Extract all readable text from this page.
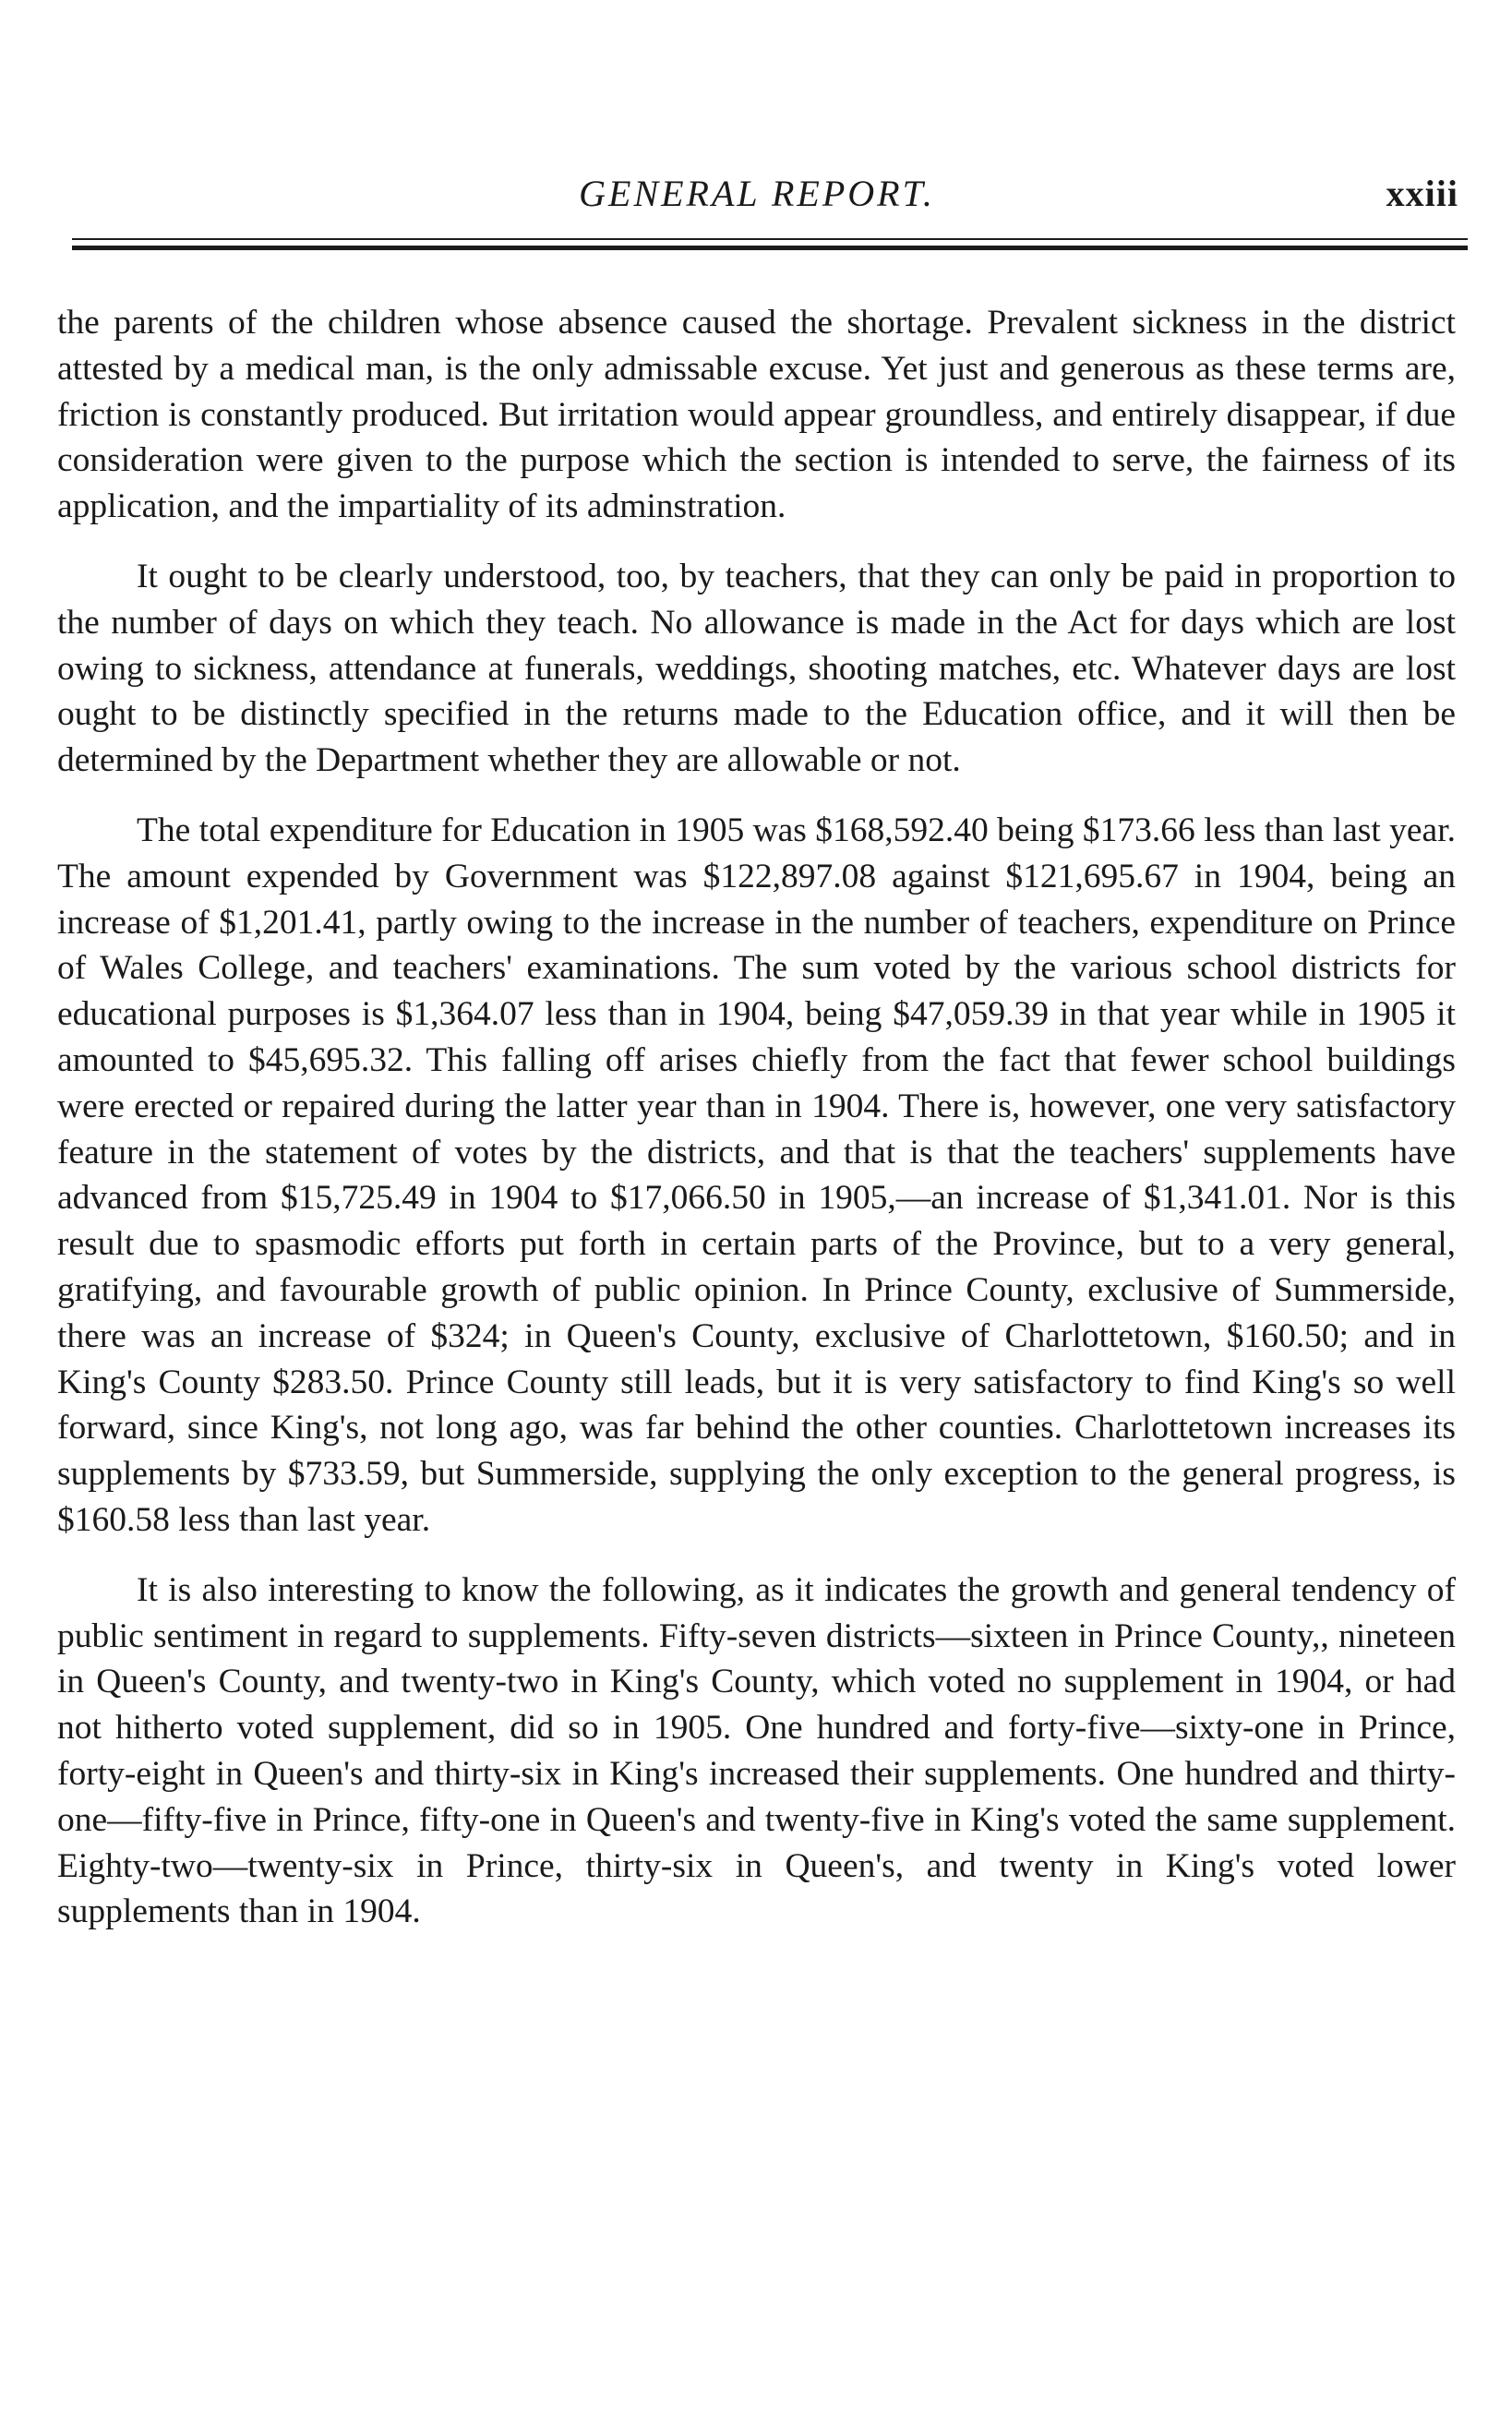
GENERAL REPORT.	xxiii

the parents of the children whose absence caused the shortage. Prevalent sickness in the district attested by a medical man, is the only admissable excuse. Yet just and generous as these terms are, friction is constantly produced. But irritation would appear groundless, and entirely disappear, if due consideration were given to the purpose which the section is intended to serve, the fairness of its application, and the impartiality of its adminstration.

It ought to be clearly understood, too, by teachers, that they can only be paid in proportion to the number of days on which they teach. No allowance is made in the Act for days which are lost owing to sickness, attendance at funerals, weddings, shooting matches, etc. Whatever days are lost ought to be distinctly specified in the returns made to the Education office, and it will then be determined by the Department whether they are allowable or not.

The total expenditure for Education in 1905 was $168,592.40 being $173.66 less than last year. The amount expended by Government was $122,897.08 against $121,695.67 in 1904, being an increase of $1,201.41, partly owing to the increase in the number of teachers, expenditure on Prince of Wales College, and teachers' examinations. The sum voted by the various school districts for educational purposes is $1,364.07 less than in 1904, being $47,059.39 in that year while in 1905 it amounted to $45,695.32. This falling off arises chiefly from the fact that fewer school buildings were erected or repaired during the latter year than in 1904. There is, however, one very satisfactory feature in the statement of votes by the districts, and that is that the teachers' supplements have advanced from $15,725.49 in 1904 to $17,066.50 in 1905,—an increase of $1,341.01. Nor is this result due to spasmodic efforts put forth in certain parts of the Province, but to a very general, gratifying, and favourable growth of public opinion. In Prince County, exclusive of Summerside, there was an increase of $324; in Queen's County, exclusive of Charlottetown, $160.50; and in King's County $283.50. Prince County still leads, but it is very satisfactory to find King's so well forward, since King's, not long ago, was far behind the other counties. Charlottetown increases its supplements by $733.59, but Summerside, supplying the only exception to the general progress, is $160.58 less than last year.

It is also interesting to know the following, as it indicates the growth and general tendency of public sentiment in regard to supplements. Fifty-seven districts—sixteen in Prince County,, nineteen in Queen's County, and twenty-two in King's County, which voted no supplement in 1904, or had not hitherto voted supplement, did so in 1905. One hundred and forty-five—sixty-one in Prince, forty-eight in Queen's and thirty-six in King's increased their supplements. One hundred and thirty-one—fifty-five in Prince, fifty-one in Queen's and twenty-five in King's voted the same supplement. Eighty-two—twenty-six in Prince, thirty-six in Queen's, and twenty in King's voted lower supplements than in 1904.
